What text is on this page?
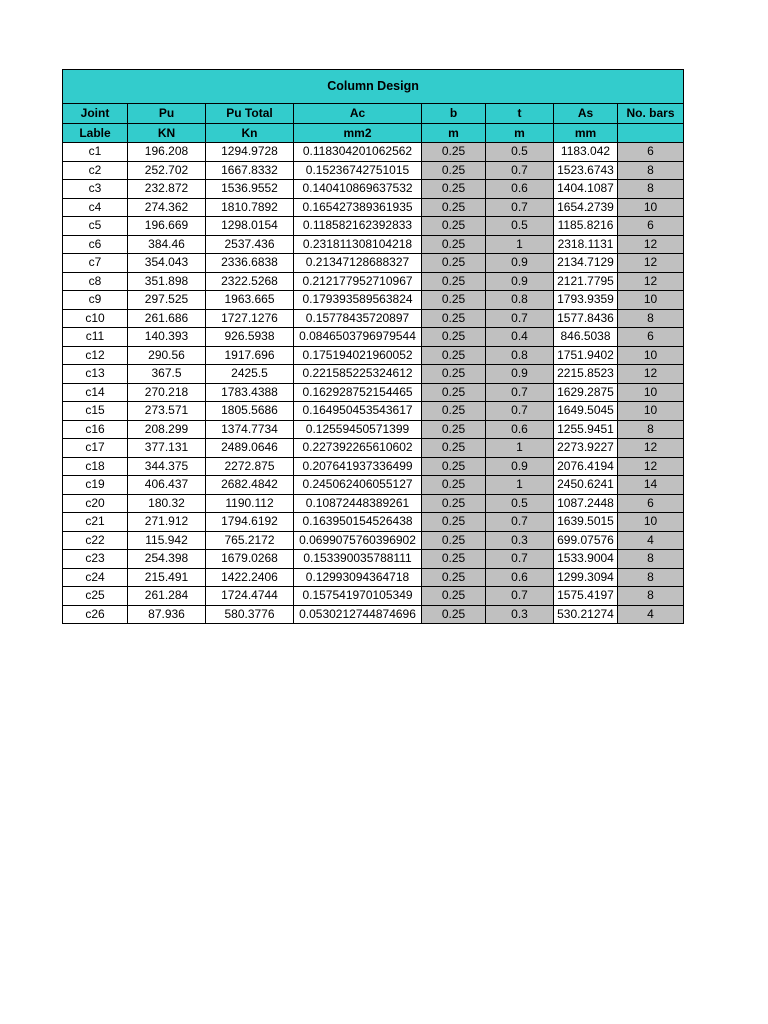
Column Design							
Joint	Pu	Pu Total	Ac	b	t	As	No. bars
Lable	KN	Kn	mm2	m	m	mm	
c1	196.208	1294.9728	0.118304201062562	0.25	0.5	1183.042	6
c2	252.702	1667.8332	0.15236742751015	0.25	0.7	1523.6743	8
c3	232.872	1536.9552	0.140410869637532	0.25	0.6	1404.1087	8
c4	274.362	1810.7892	0.165427389361935	0.25	0.7	1654.2739	10
c5	196.669	1298.0154	0.118582162392833	0.25	0.5	1185.8216	6
c6	384.46	2537.436	0.231811308104218	0.25	1	2318.1131	12
c7	354.043	2336.6838	0.21347128688327	0.25	0.9	2134.7129	12
c8	351.898	2322.5268	0.212177952710967	0.25	0.9	2121.7795	12
c9	297.525	1963.665	0.179393589563824	0.25	0.8	1793.9359	10
c10	261.686	1727.1276	0.15778435720897	0.25	0.7	1577.8436	8
c11	140.393	926.5938	0.0846503796979544	0.25	0.4	846.5038	6
c12	290.56	1917.696	0.175194021960052	0.25	0.8	1751.9402	10
c13	367.5	2425.5	0.221585225324612	0.25	0.9	2215.8523	12
c14	270.218	1783.4388	0.162928752154465	0.25	0.7	1629.2875	10
c15	273.571	1805.5686	0.164950453543617	0.25	0.7	1649.5045	10
c16	208.299	1374.7734	0.12559450571399	0.25	0.6	1255.9451	8
c17	377.131	2489.0646	0.227392265610602	0.25	1	2273.9227	12
c18	344.375	2272.875	0.207641937336499	0.25	0.9	2076.4194	12
c19	406.437	2682.4842	0.245062406055127	0.25	1	2450.6241	14
c20	180.32	1190.112	0.10872448389261	0.25	0.5	1087.2448	6
c21	271.912	1794.6192	0.163950154526438	0.25	0.7	1639.5015	10
c22	115.942	765.2172	0.0699075760396902	0.25	0.3	699.07576	4
c23	254.398	1679.0268	0.153390035788111	0.25	0.7	1533.9004	8
c24	215.491	1422.2406	0.12993094364718	0.25	0.6	1299.3094	8
c25	261.284	1724.4744	0.157541970105349	0.25	0.7	1575.4197	8
c26	87.936	580.3776	0.0530212744874696	0.25	0.3	530.21274	4
